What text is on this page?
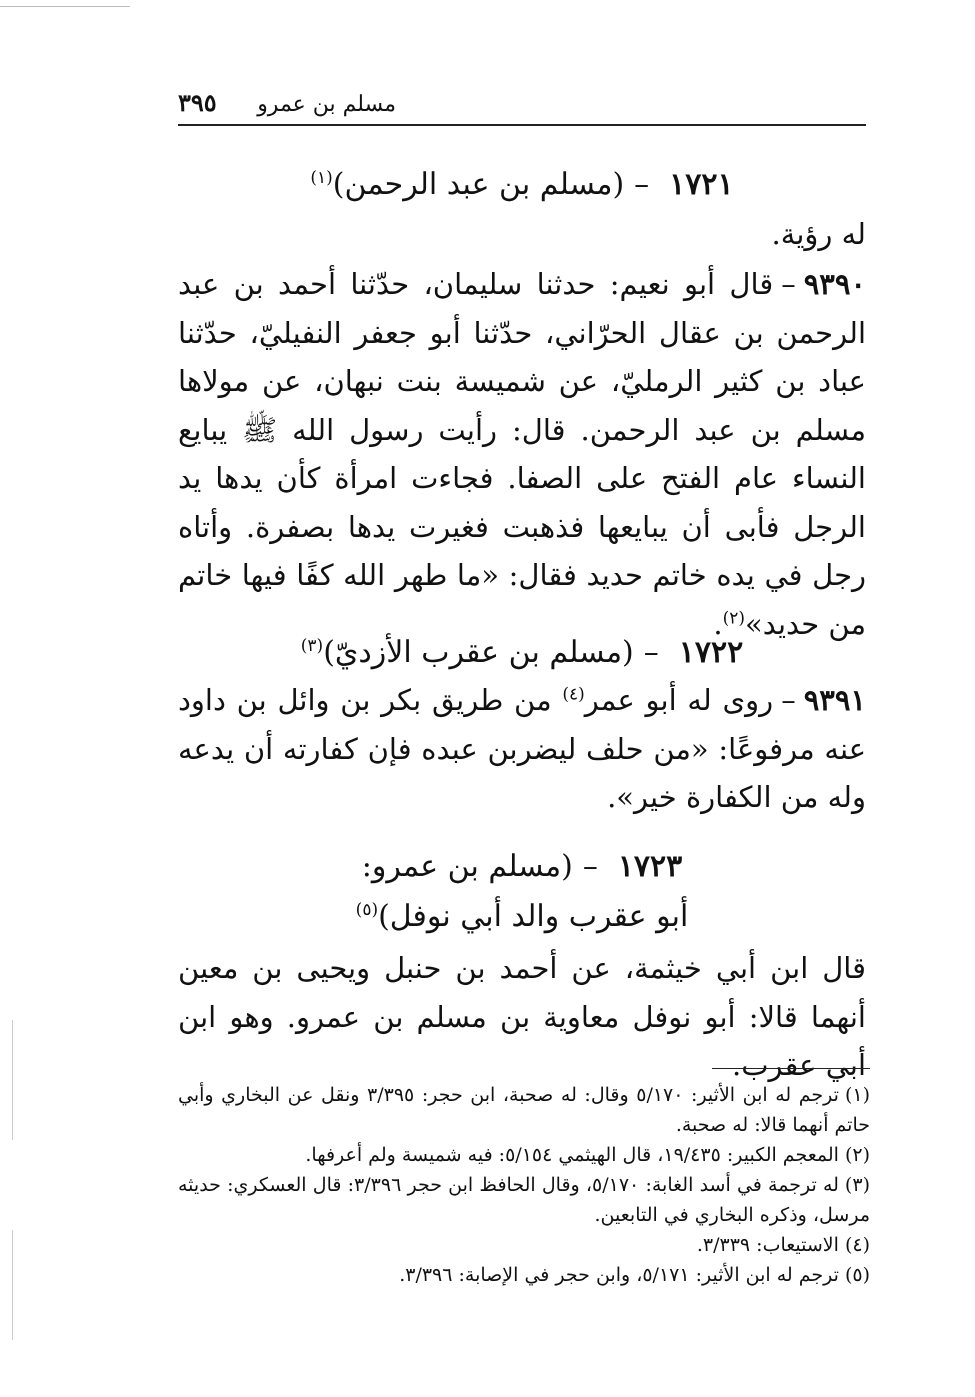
مسلم بن عمرو
٣٩٥
١٧٢١–(مسلم بن عبد الرحمن)$^{(١)}$
له رؤية.
٩٣٩٠–قال أبو نعيم: حدثنا سليمان، حدّثنا أحمد بن عبد الرحمن بن عقال الحرّاني، حدّثنا أبو جعفر النفيليّ، حدّثنا عباد بن كثير الرمليّ، عن شميسة بنت نبهان، عن مولاها مسلم بن عبد الرحمن. قال: رأيت رسول الله ﷺ يبايع النساء عام الفتح على الصفا. فجاءت امرأة كأن يدها يد الرجل فأبى أن يبايعها فذهبت فغيرت يدها بصفرة. وأتاه رجل في يده خاتم حديد فقال: «ما طهر الله كفًا فيها خاتم من حديد»$^{(٢)}$.
١٧٢٢–(مسلم بن عقرب الأزديّ)$^{(٣)}$
٩٣٩١–روى له أبو عمر$^{(٤)}$ من طريق بكر بن وائل بن داود عنه مرفوعًا: «من حلف ليضربن عبده فإن كفارته أن يدعه وله من الكفارة خير».
١٧٢٣–(مسلم بن عمرو:
أبو عقرب والد أبي نوفل)$^{(٥)}$
قال ابن أبي خيثمة، عن أحمد بن حنبل ويحيى بن معين أنهما قالا: أبو نوفل معاوية بن مسلم بن عمرو. وهو ابن أبي عقرب.

(١)ترجم له ابن الأثير: ٥/١٧٠ وقال: له صحبة، ابن حجر: ٣/٣٩٥ ونقل عن البخاري وأبي حاتم أنهما قالا: له صحبة.

(٢)المعجم الكبير: ١٩/٤٣٥، قال الهيثمي ٥/١٥٤: فيه شميسة ولم أعرفها.

(٣)له ترجمة في أسد الغابة: ٥/١٧٠، وقال الحافظ ابن حجر ٣/٣٩٦: قال العسكري: حديثه مرسل، وذكره البخاري في التابعين.

(٤)الاستيعاب: ٣/٣٣٩.

(٥)ترجم له ابن الأثير: ٥/١٧١، وابن حجر في الإصابة: ٣/٣٩٦.
